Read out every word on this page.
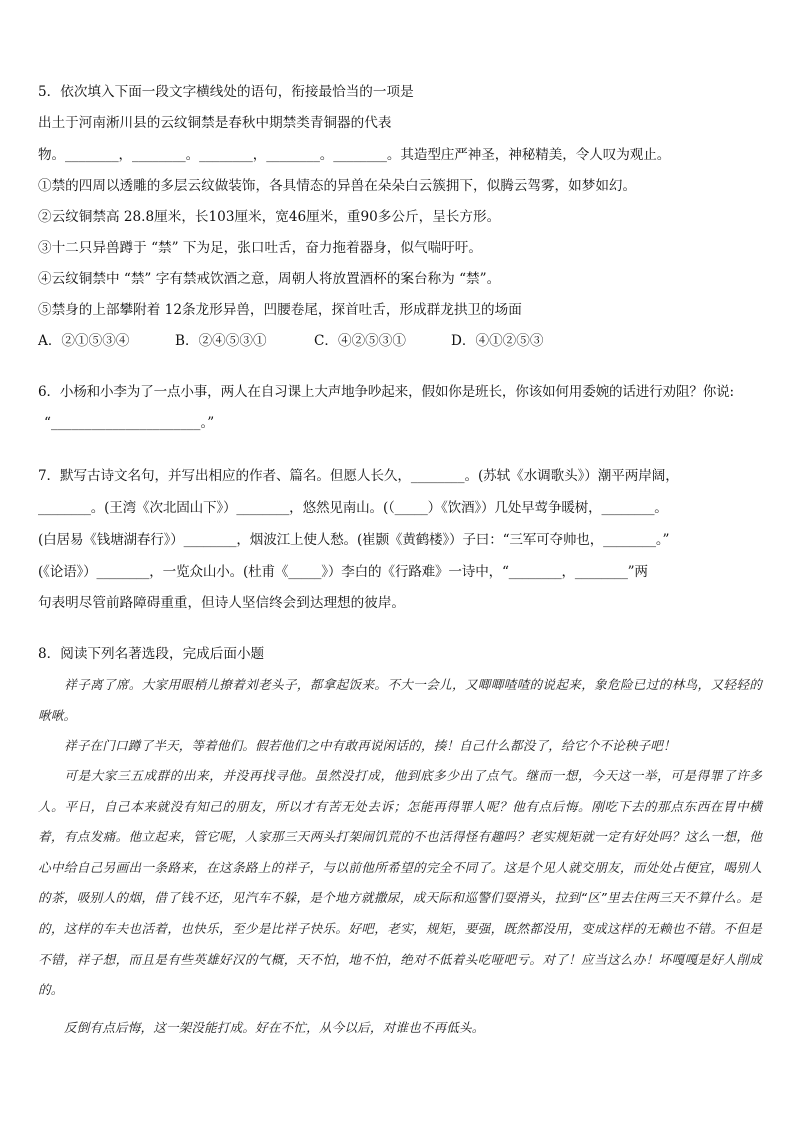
5．依次填入下面一段文字横线处的语句，衔接最恰当的一项是
出土于河南淅川县的云纹铜禁是春秋中期禁类青铜器的代表
物。________，________。________，________。________。其造型庄严神圣，神秘精美，令人叹为观止。
①禁的四周以透雕的多层云纹做装饰，各具情态的异兽在朵朵白云簇拥下，似腾云驾雾，如梦如幻。
②云纹铜禁高 28.8厘米，长103厘米，宽46厘米，重90多公斤，呈长方形。
③十二只异兽蹲于 “禁” 下为足，张口吐舌，奋力拖着器身，似气喘吁吁。
④云纹铜禁中 “禁” 字有禁戒饮酒之意，周朝人将放置酒杯的案台称为 “禁”。
⑤禁身的上部攀附着 12条龙形异兽，凹腰卷尾，探首吐舌，形成群龙拱卫的场面
A．②①⑤③④	B．②④⑤③①	C．④②⑤③①	D．④①②⑤③
6．小杨和小李为了一点小事，两人在自习课上大声地争吵起来，假如你是班长，你该如何用委婉的话进行劝阻？你说:
“______________________。”
7．默写古诗文名句，并写出相应的作者、篇名。但愿人长久，________。(苏轼《水调歌头》）潮平两岸阔，
________。(王湾《次北固山下》）________，悠然见南山。(（_____）《饮酒》）几处早莺争暖树，________。
(白居易《钱塘湖春行》）________，烟波江上使人愁。(崔颢《黄鹤楼》）子曰：“三军可夺帅也，________。”
(《论语》）________，一览众山小。(杜甫《_____》）李白的《行路难》一诗中，“________，________”两
句表明尽管前路障碍重重，但诗人坚信终会到达理想的彼岸。
8．阅读下列名著选段，完成后面小题
祥子离了席。大家用眼梢儿撩着刘老头子，都拿起饭来。不大一会儿，又唧唧喳喳的说起来，象危险已过的林鸟，又轻轻的啾啾。
祥子在门口蹲了半天，等着他们。假若他们之中有敢再说闲话的，揍！自己什么都没了，给它个不论秧子吧！
可是大家三五成群的出来，并没再找寻他。虽然没打成，他到底多少出了点气。继而一想，今天这一举，可是得罪了许多人。平日，自己本来就没有知己的朋友，所以才有苦无处去诉；怎能再得罪人呢？他有点后悔。刚吃下去的那点东西在胃中横着，有点发痛。他立起来，管它呢，人家那三天两头打架闹饥荒的不也活得怪有趣吗？老实规矩就一定有好处吗？这么一想，他心中给自己另画出一条路来，在这条路上的祥子，与以前他所希望的完全不同了。这是个见人就交朋友，而处处占便宜，喝别人的茶，吸别人的烟，借了钱不还，见汽车不躲，是个地方就撒尿，成天际和巡警们耍滑头，拉到“区”里去住两三天不算什么。是的，这样的车夫也活着，也快乐，至少是比祥子快乐。好吧，老实，规矩，要强，既然都没用，变成这样的无赖也不错。不但是不错，祥子想，而且是有些英雄好汉的气概，天不怕，地不怕，绝对不低着头吃哑吧亏。对了！应当这么办！坏嘎嘎是好人削成的。
反倒有点后悔，这一架没能打成。好在不忙，从今以后，对谁也不再低头。
